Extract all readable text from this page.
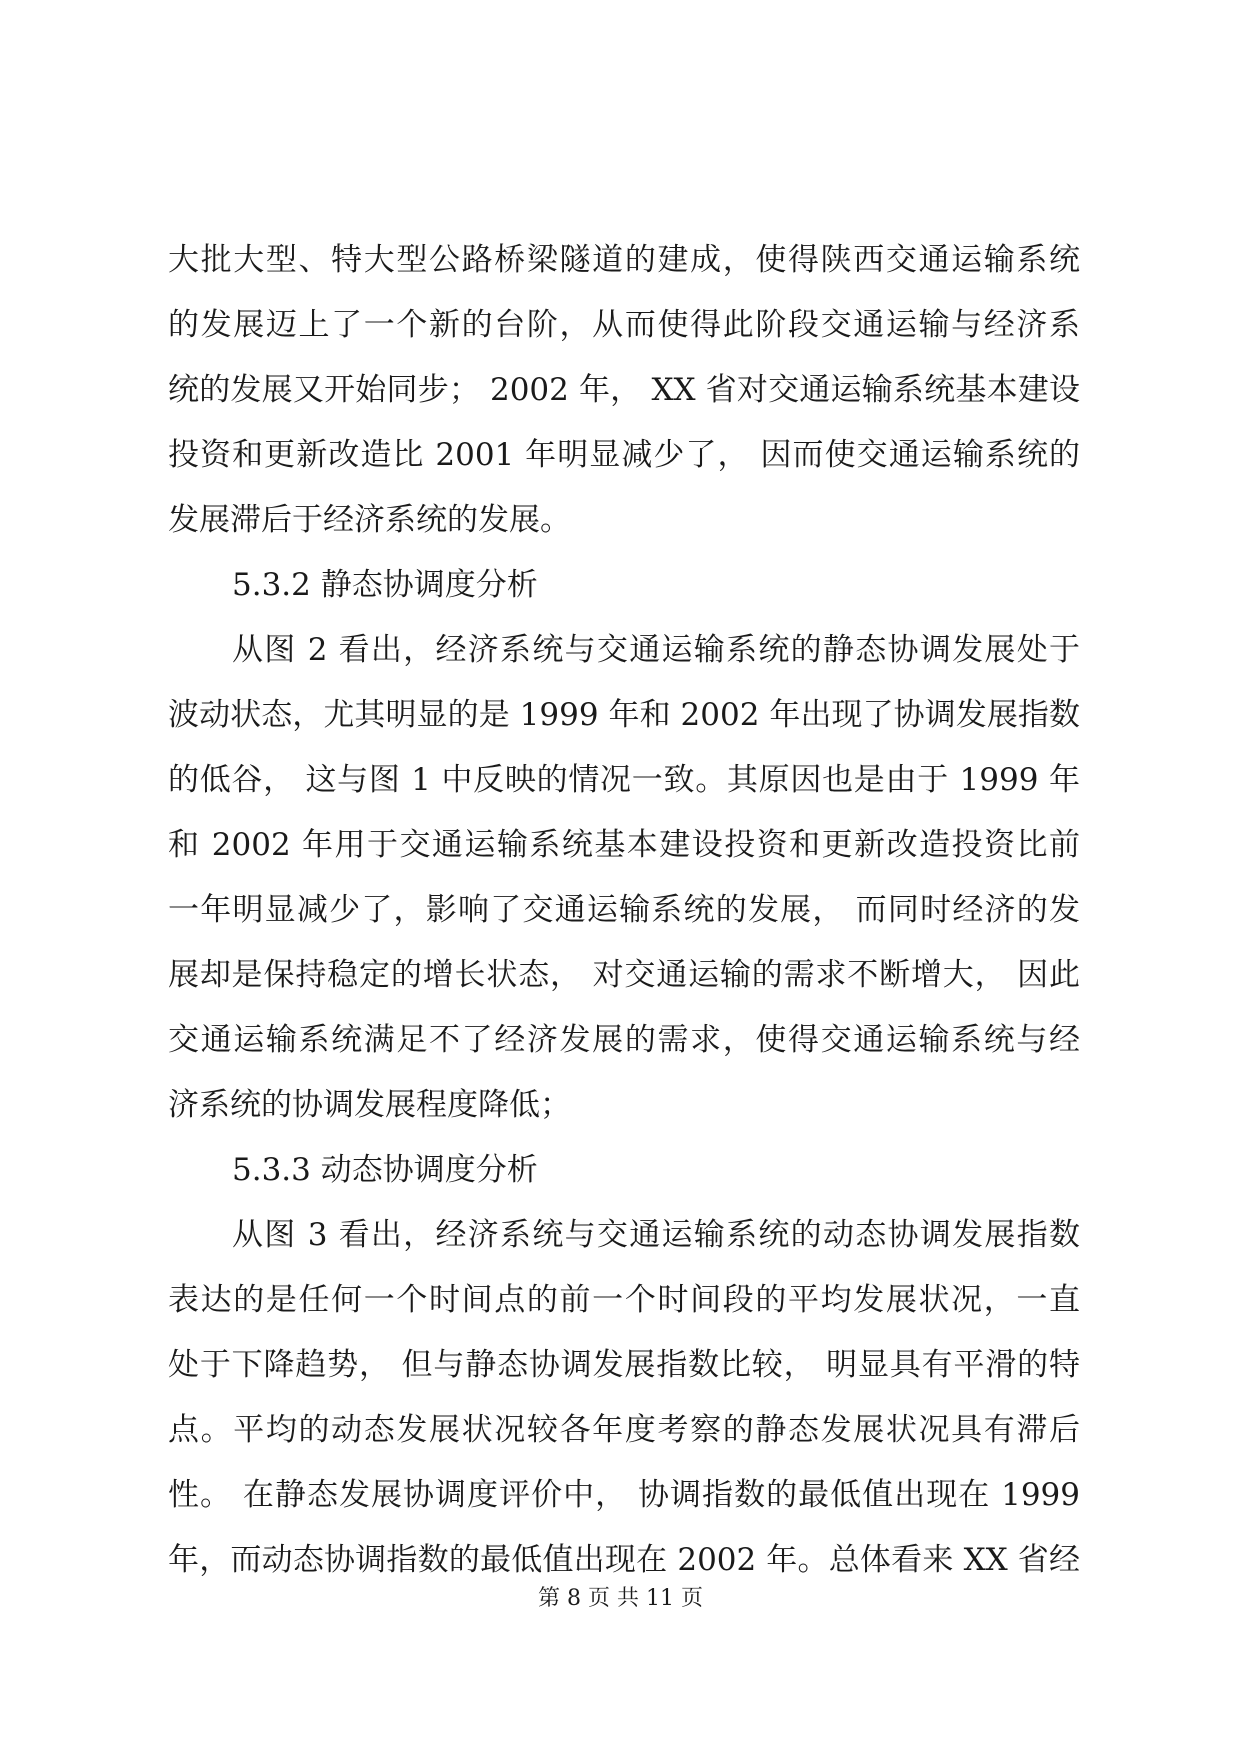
大批大型、特大型公路桥梁隧道的建成，使得陕西交通运输系统
的发展迈上了一个新的台阶，从而使得此阶段交通运输与经济系
统的发展又开始同步； 2002 年， XX 省对交通运输系统基本建设
投资和更新改造比 2001 年明显减少了， 因而使交通运输系统的
发展滞后于经济系统的发展。
5.3.2 静态协调度分析
从图 2 看出，经济系统与交通运输系统的静态协调发展处于
波动状态，尤其明显的是 1999 年和 2002 年出现了协调发展指数
的低谷， 这与图 1 中反映的情况一致。其原因也是由于 1999 年
和 2002 年用于交通运输系统基本建设投资和更新改造投资比前
一年明显减少了，影响了交通运输系统的发展， 而同时经济的发
展却是保持稳定的增长状态， 对交通运输的需求不断增大， 因此
交通运输系统满足不了经济发展的需求，使得交通运输系统与经
济系统的协调发展程度降低；
5.3.3 动态协调度分析
从图 3 看出，经济系统与交通运输系统的动态协调发展指数
表达的是任何一个时间点的前一个时间段的平均发展状况，一直
处于下降趋势， 但与静态协调发展指数比较， 明显具有平滑的特
点。平均的动态发展状况较各年度考察的静态发展状况具有滞后
性。 在静态发展协调度评价中， 协调指数的最低值出现在 1999
年，而动态协调指数的最低值出现在 2002 年。总体看来 XX 省经
第 8 页 共 11 页
